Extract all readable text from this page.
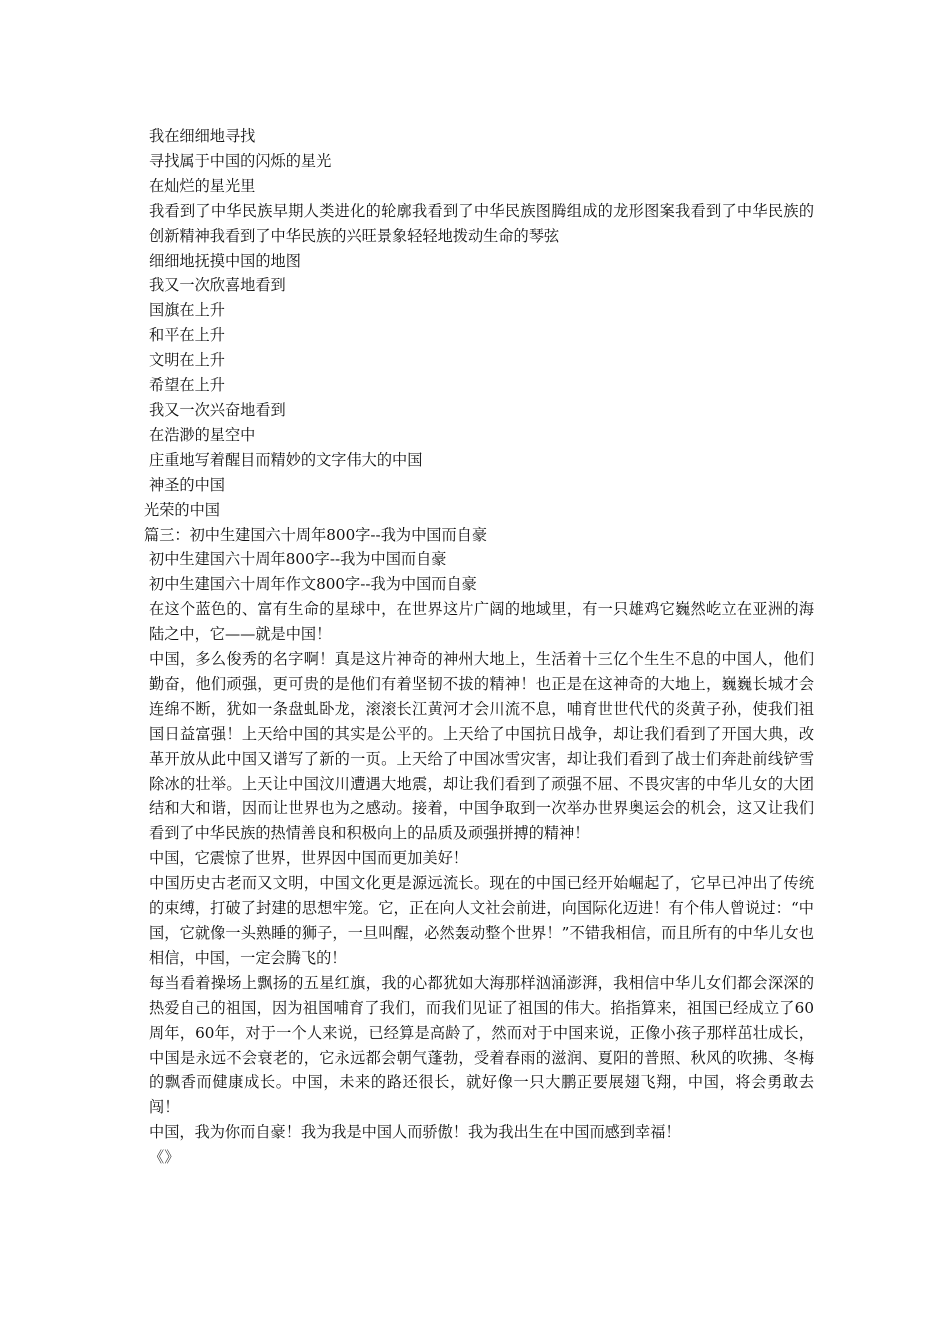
我在细细地寻找
寻找属于中国的闪烁的星光
在灿烂的星光里
我看到了中华民族早期人类进化的轮廓我看到了中华民族图腾组成的龙形图案我看到了中华民族的创新精神我看到了中华民族的兴旺景象轻轻地拨动生命的琴弦
细细地抚摸中国的地图
我又一次欣喜地看到
国旗在上升
和平在上升
文明在上升
希望在上升
我又一次兴奋地看到
在浩渺的星空中
庄重地写着醒目而精妙的文字伟大的中国
神圣的中国
光荣的中国
篇三：初中生建国六十周年800字--我为中国而自豪
初中生建国六十周年800字--我为中国而自豪
初中生建国六十周年作文800字--我为中国而自豪
在这个蓝色的、富有生命的星球中，在世界这片广阔的地域里，有一只雄鸡它巍然屹立在亚洲的海陆之中，它——就是中国！
中国，多么俊秀的名字啊！真是这片神奇的神州大地上，生活着十三亿个生生不息的中国人，他们勤奋，他们顽强，更可贵的是他们有着坚韧不拔的精神！也正是在这神奇的大地上，巍巍长城才会连绵不断，犹如一条盘虬卧龙，滚滚长江黄河才会川流不息，哺育世世代代的炎黄子孙，使我们祖国日益富强！上天给中国的其实是公平的。上天给了中国抗日战争，却让我们看到了开国大典，改革开放从此中国又谱写了新的一页。上天给了中国冰雪灾害，却让我们看到了战士们奔赴前线铲雪除冰的壮举。上天让中国汶川遭遇大地震，却让我们看到了顽强不屈、不畏灾害的中华儿女的大团结和大和谐，因而让世界也为之感动。接着，中国争取到一次举办世界奥运会的机会，这又让我们看到了中华民族的热情善良和积极向上的品质及顽强拼搏的精神！
中国，它震惊了世界，世界因中国而更加美好！
中国历史古老而又文明，中国文化更是源远流长。现在的中国已经开始崛起了，它早已冲出了传统的束缚，打破了封建的思想牢笼。它，正在向人文社会前进，向国际化迈进！有个伟人曾说过：“中国，它就像一头熟睡的狮子，一旦叫醒，必然轰动整个世界！”不错我相信，而且所有的中华儿女也相信，中国，一定会腾飞的！
每当看着操场上飘扬的五星红旗，我的心都犹如大海那样汹涌澎湃，我相信中华儿女们都会深深的热爱自己的祖国，因为祖国哺育了我们，而我们见证了祖国的伟大。掐指算来，祖国已经成立了60周年，60年，对于一个人来说，已经算是高龄了，然而对于中国来说，正像小孩子那样茁壮成长，中国是永远不会衰老的，它永远都会朝气蓬勃，受着春雨的滋润、夏阳的普照、秋风的吹拂、冬梅的飘香而健康成长。中国，未来的路还很长，就好像一只大鹏正要展翅飞翔，中国，将会勇敢去闯！
中国，我为你而自豪！我为我是中国人而骄傲！我为我出生在中国而感到幸福！
《》
